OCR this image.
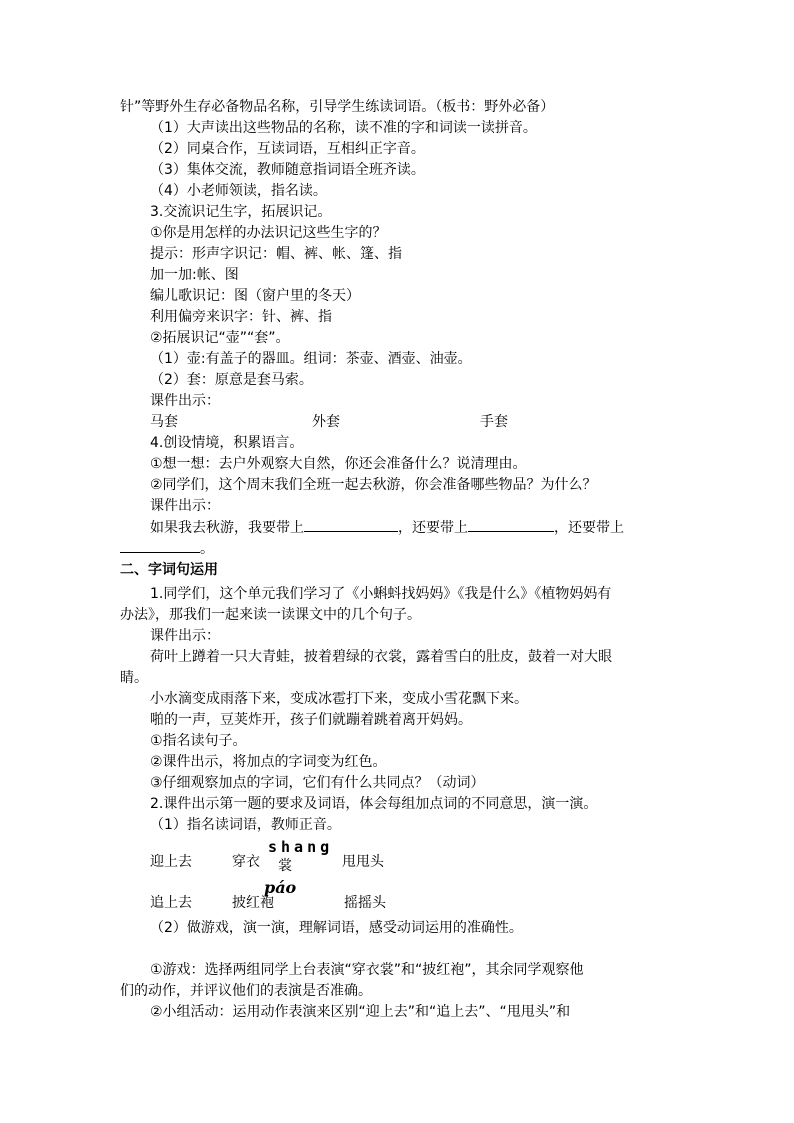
针”等野外生存必备物品名称，引导学生练读词语。（板书：野外必备）
（1）大声读出这些物品的名称，读不准的字和词读一读拼音。
（2）同桌合作，互读词语，互相纠正字音。
（3）集体交流，教师随意指词语全班齐读。
（4）小老师领读，指名读。
3.交流识记生字，拓展识记。
①你是用怎样的办法识记这些生字的？
提示：形声字识记：帽、裤、帐、篷、指
加一加:帐、图
编儿歌识记：图（窗户里的冬天）
利用偏旁来识字：针、裤、指
②拓展识记“壶”“套”。
（1）壶:有盖子的器皿。组词：茶壶、酒壶、油壶。
（2）套：原意是套马索。
课件出示：
马套	外套	手套
4.创设情境，积累语言。
①想一想：去户外观察大自然，你还会准备什么？说清理由。
②同学们，这个周末我们全班一起去秋游，你会准备哪些物品？为什么？
课件出示：
如果我去秋游，我要带上	，还要带上	，还要带上
。
二、字词句运用
1.同学们，这个单元我们学习了《小蝌蚪找妈妈》《我是什么》《植物妈妈有
办法》，那我们一起来读一读课文中的几个句子。
课件出示：
荷叶上蹲着一只大青蛙，披着碧绿的衣裳，露着雪白的肚皮，鼓着一对大眼
睛。
小水滴变成雨落下来，变成冰雹打下来，变成小雪花飘下来。
啪的一声，豆荚炸开，孩子们就蹦着跳着离开妈妈。
①指名读句子。
②课件出示，将加点的字词变为红色。
③仔细观察加点的字词，它们有什么共同点？（动词）
2.课件出示第一题的要求及词语，体会每组加点词的不同意思，演一演。
（1）指名读词语，教师正音。
shang
迎上去	穿衣 裳	甩甩头
páo
追上去	披红袍	摇摇头
（2）做游戏，演一演，理解词语，感受动词运用的准确性。
①游戏：选择两组同学上台表演“穿衣裳”和“披红袍”，其余同学观察他
们的动作，并评议他们的表演是否准确。
②小组活动：运用动作表演来区别“迎上去”和“追上去”、“甩甩头”和
